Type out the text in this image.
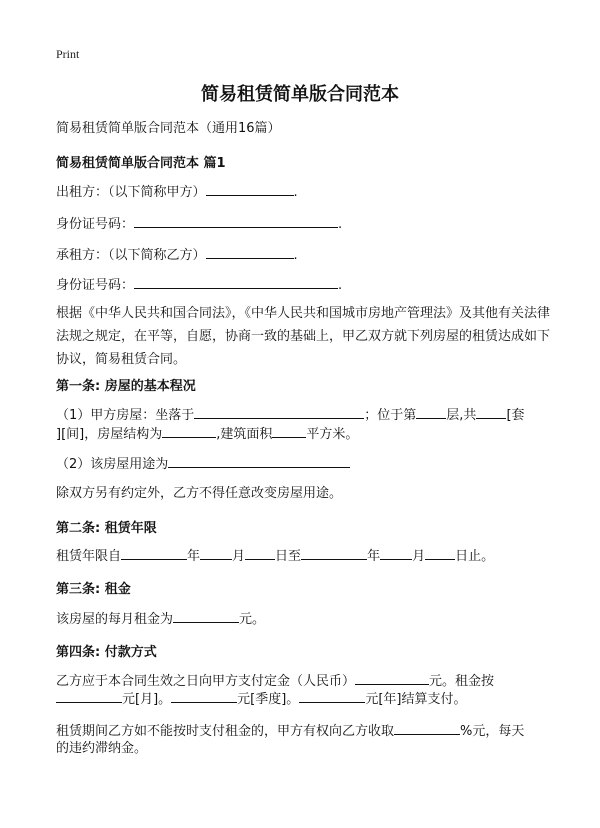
Print
简易租赁简单版合同范本
简易租赁简单版合同范本（通用16篇）
简易租赁简单版合同范本 篇1
出租方：（以下简称甲方）	.
身份证号码：	.
承租方：（以下简称乙方）	.
身份证号码：	.
根据《中华人民共和国合同法》，《中华人民共和国城市房地产管理法》及其他有关法律法规之规定，在平等，自愿，协商一致的基础上，甲乙双方就下列房屋的租赁达成如下协议，简易租赁合同。
第一条: 房屋的基本程况
（1）甲方房屋：坐落于	；位于第 层,共 [套
][间]，房屋结构为	,建筑面积	平方米。
（2）该房屋用途为
除双方另有约定外，乙方不得任意改变房屋用途。
第二条: 租赁年限
租赁年限自	年 月 日至	年 月 日止。
第三条: 租金
该房屋的每月租金为	元。
第四条: 付款方式
乙方应于本合同生效之日向甲方支付定金（人民币）	元。租金按
元[月]。	元[季度]。	元[年]结算支付。
租赁期间乙方如不能按时支付租金的，甲方有权向乙方收取	%元，每天
的违约滞纳金。
